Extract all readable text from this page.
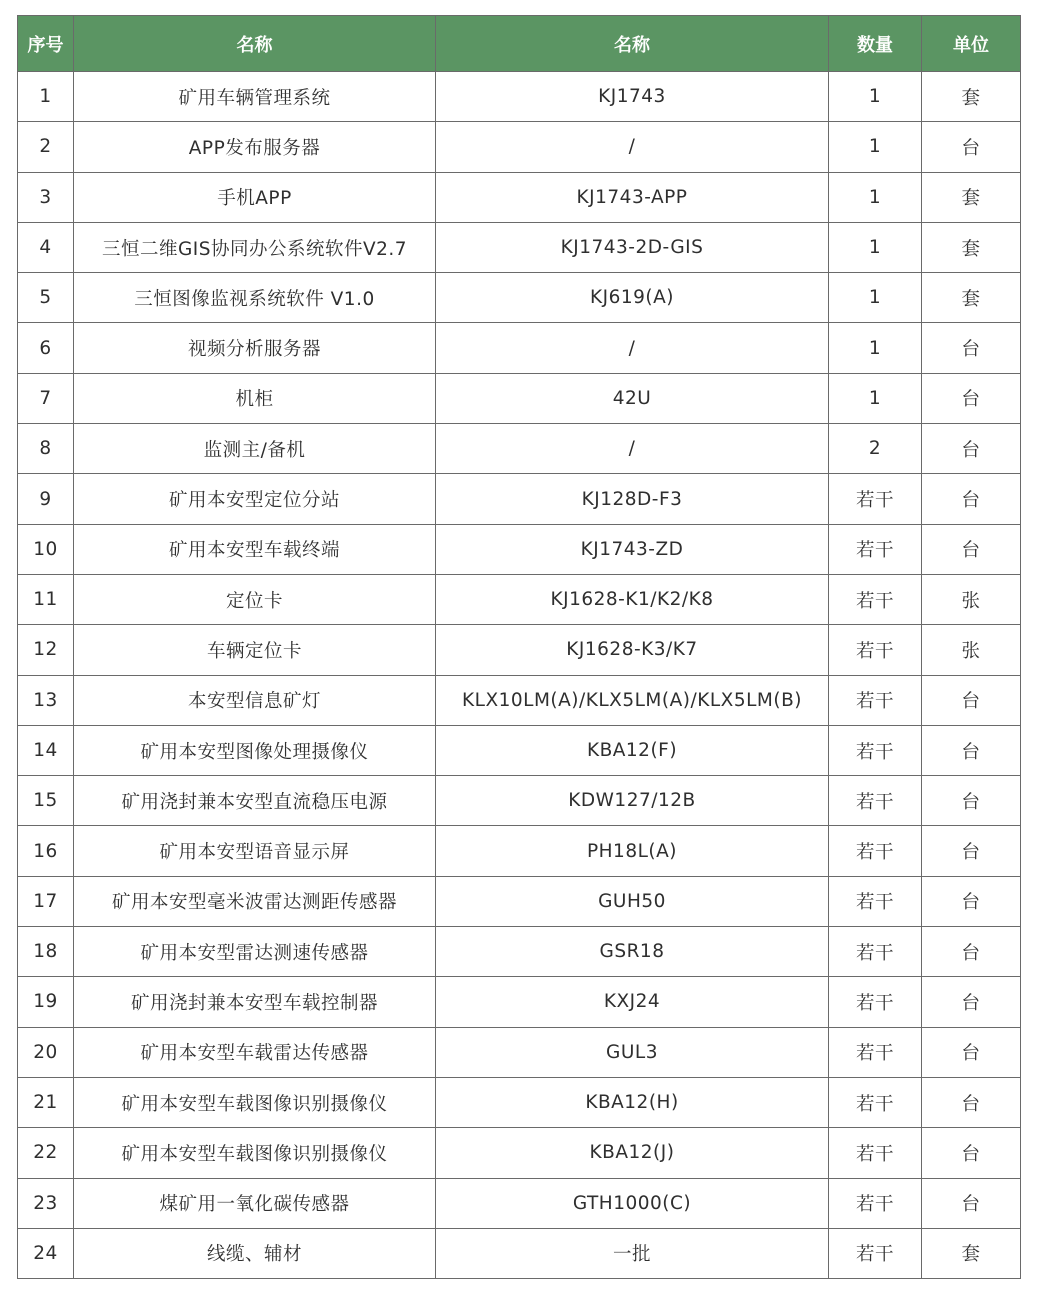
序号	名称	名称	数量	单位
1	矿用车辆管理系统	KJ1743	1	套
2	APP发布服务器	/	1	台
3	手机APP	KJ1743-APP	1	套
4	三恒二维GIS协同办公系统软件V2.7	KJ1743-2D-GIS	1	套
5	三恒图像监视系统软件 V1.0	KJ619(A)	1	套
6	视频分析服务器	/	1	台
7	机柜	42U	1	台
8	监测主/备机	/	2	台
9	矿用本安型定位分站	KJ128D-F3	若干	台
10	矿用本安型车载终端	KJ1743-ZD	若干	台
11	定位卡	KJ1628-K1/K2/K8	若干	张
12	车辆定位卡	KJ1628-K3/K7	若干	张
13	本安型信息矿灯	KLX10LM(A)/KLX5LM(A)/KLX5LM(B)	若干	台
14	矿用本安型图像处理摄像仪	KBA12(F)	若干	台
15	矿用浇封兼本安型直流稳压电源	KDW127/12B	若干	台
16	矿用本安型语音显示屏	PH18L(A)	若干	台
17	矿用本安型毫米波雷达测距传感器	GUH50	若干	台
18	矿用本安型雷达测速传感器	GSR18	若干	台
19	矿用浇封兼本安型车载控制器	KXJ24	若干	台
20	矿用本安型车载雷达传感器	GUL3	若干	台
21	矿用本安型车载图像识别摄像仪	KBA12(H)	若干	台
22	矿用本安型车载图像识别摄像仪	KBA12(J)	若干	台
23	煤矿用一氧化碳传感器	GTH1000(C)	若干	台
24	线缆、辅材	一批	若干	套
